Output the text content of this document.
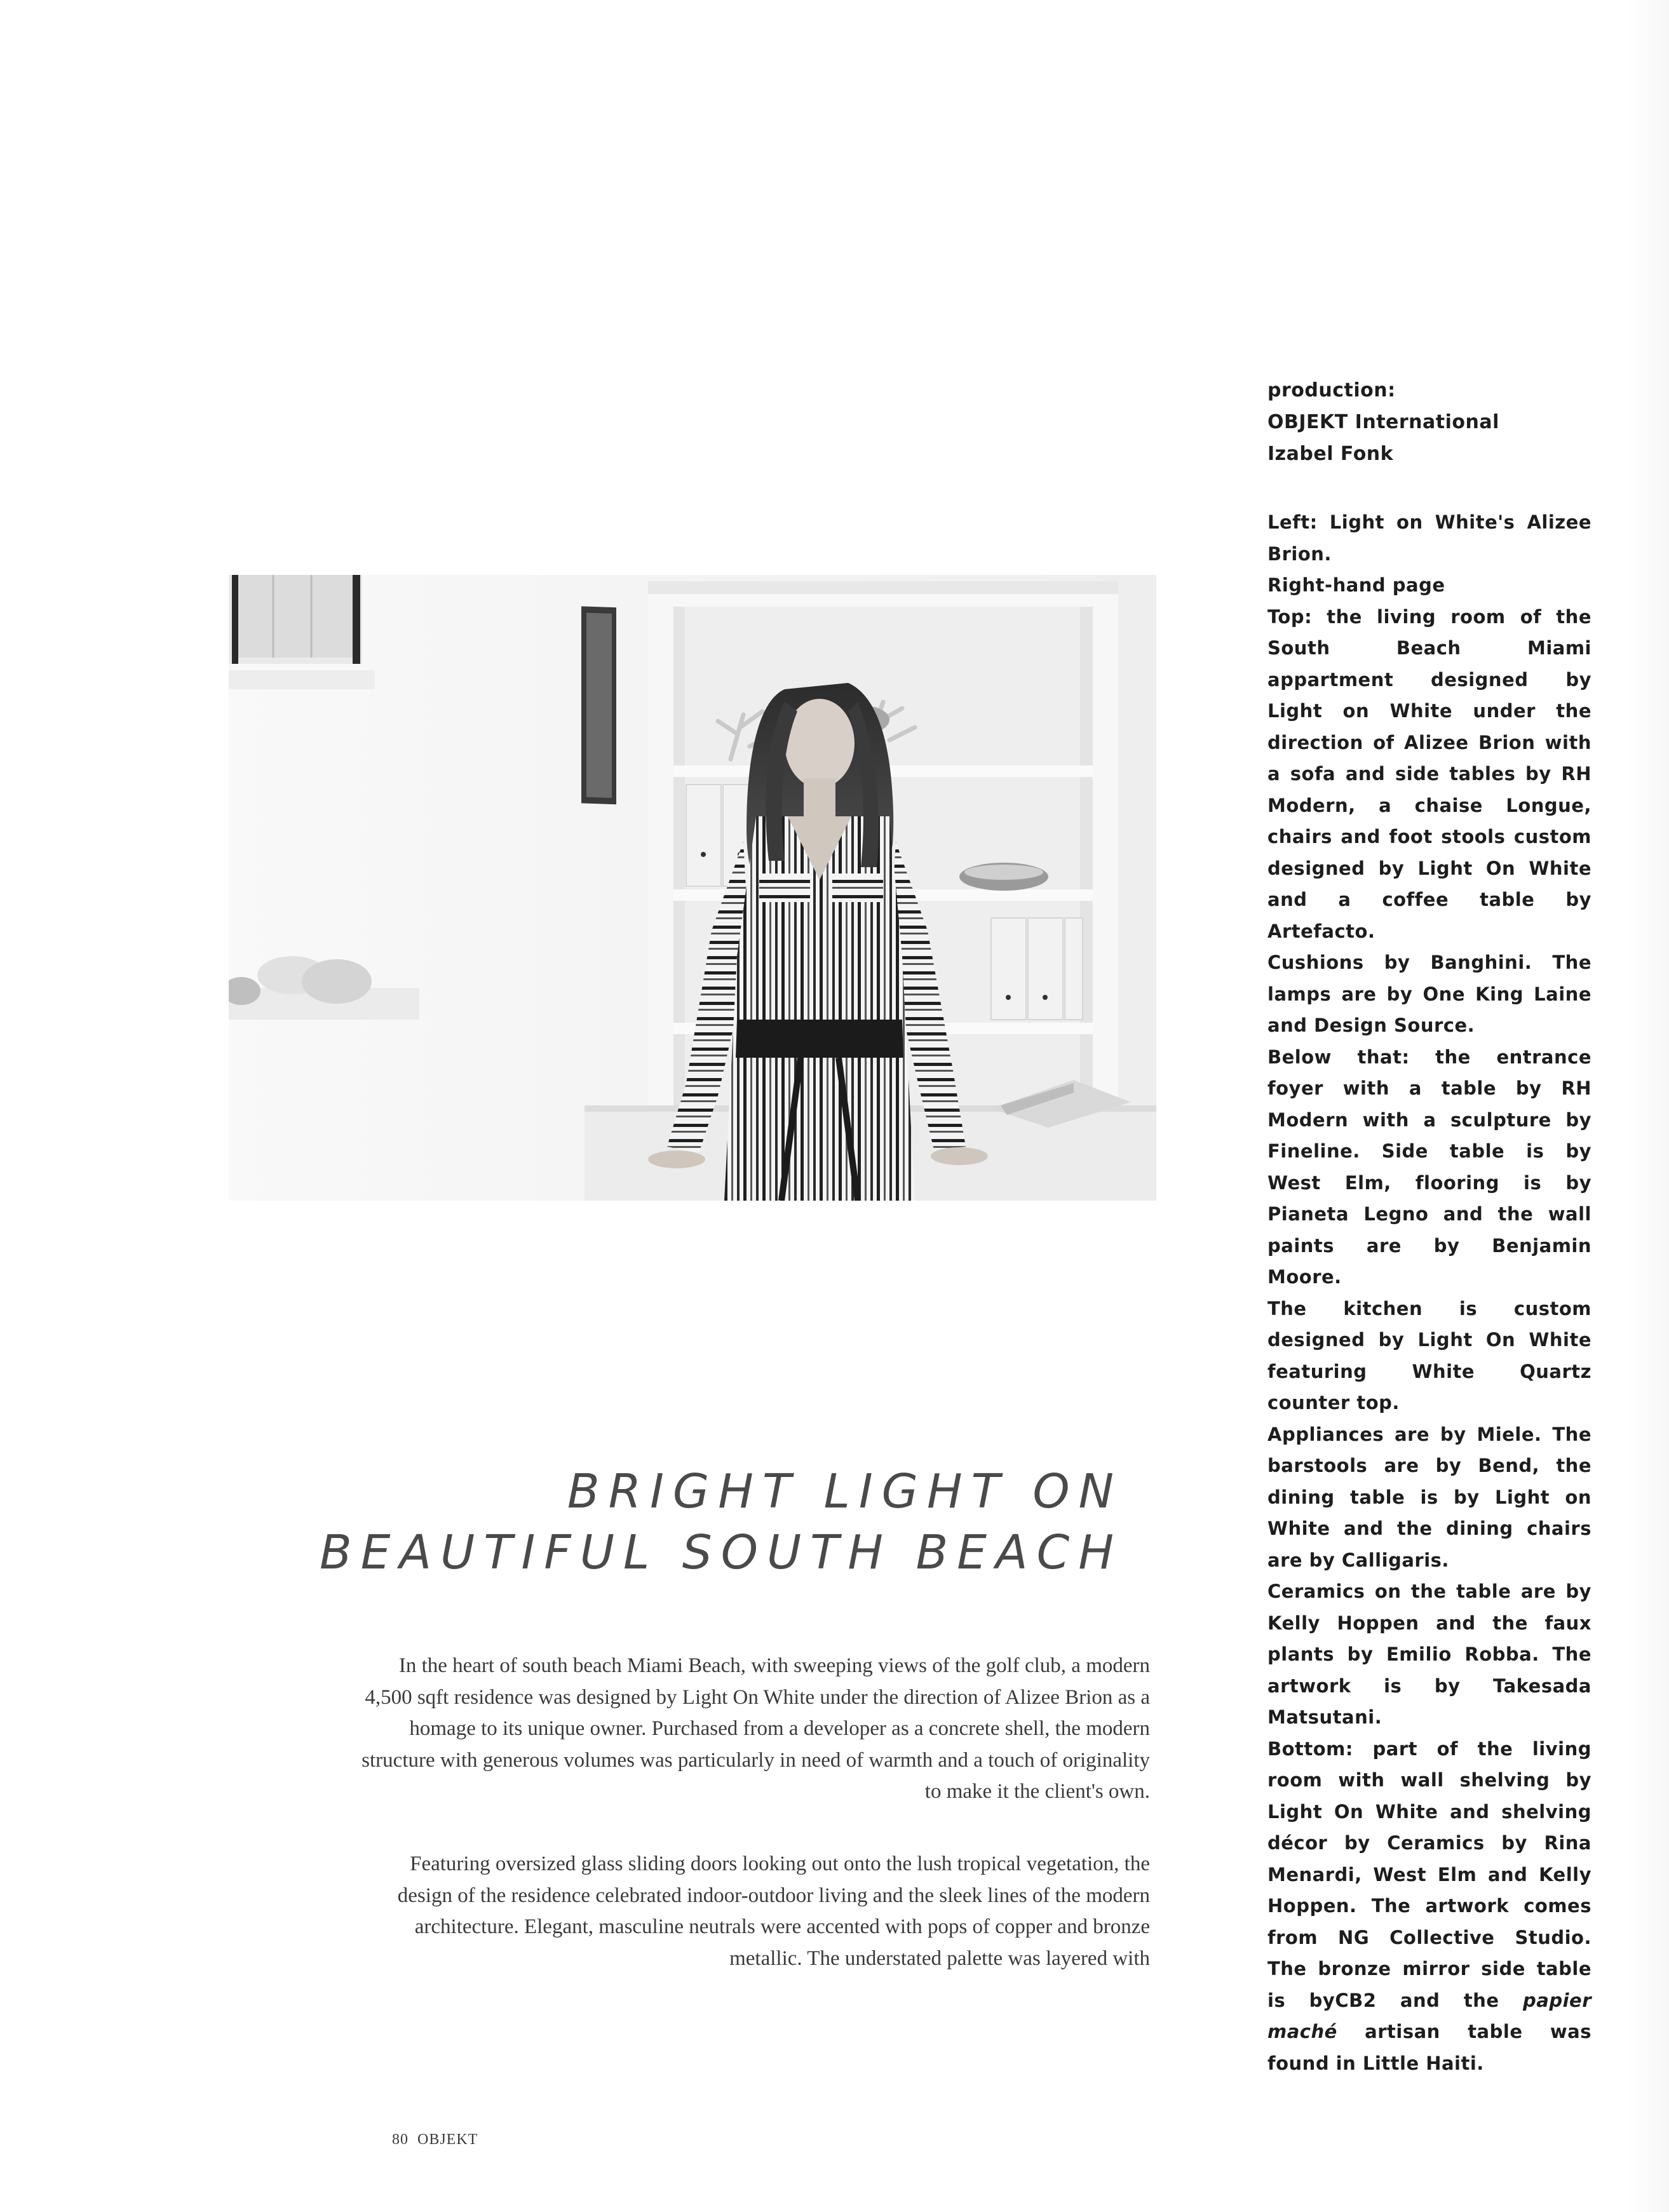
BRIGHT LIGHT ON
BEAUTIFUL SOUTH BEACH
In the heart of south beach Miami Beach, with sweeping views of the golf club, a modern 4,500 sqft residence was designed by Light On White under the direction of Alizee Brion as a homage to its unique owner. Purchased from a developer as a concrete shell, the modern structure with generous volumes was particularly in need of warmth and a touch of originality to make it the client's own.
Featuring oversized glass sliding doors looking out onto the lush tropical vegetation, the design of the residence celebrated indoor-outdoor living and the sleek lines of the modern architecture. Elegant, masculine neutrals were accented with pops of copper and bronze metallic. The understated palette was layered with
production:
OBJEKT International
Izabel Fonk

Left: Light on White's Alizee Brion.

Right-hand page

Top: the living room of the South Beach Miami appartment designed by Light on White under the direction of Alizee Brion with a sofa and side tables by RH Modern, a chaise Longue, chairs and foot stools custom designed by Light On White and a coffee table by Artefacto.

Cushions by Banghini. The lamps are by One King Laine and Design Source.

Below that: the entrance foyer with a table by RH Modern with a sculpture by Fineline. Side table is by West Elm, flooring is by Pianeta Legno and the wall paints are by Benjamin Moore.

The kitchen is custom designed by Light On White featuring White Quartz counter top.

Appliances are by Miele. The barstools are by Bend, the dining table is by Light on White and the dining chairs are by Calligaris.

Ceramics on the table are by Kelly Hoppen and the faux plants by Emilio Robba. The artwork is by Takesada Matsutani.

Bottom: part of the living room with wall shelving by Light On White and shelving décor by Ceramics by Rina Menardi, West Elm and Kelly Hoppen. The artwork comes from NG Collective Studio. The bronze mirror side table is byCB2 and the papier maché artisan table was found in Little Haiti.

80 OBJEKT
